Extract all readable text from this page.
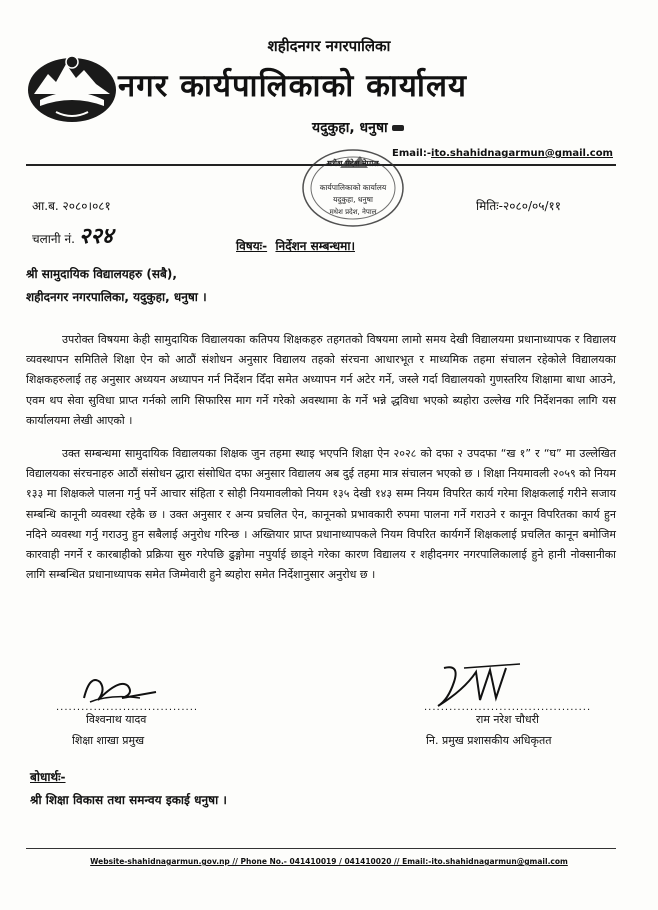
शहीदनगर नगरपालिका
नगर कार्यपालिकाको कार्यालय
यदुकुहा, धनुषा
Email:-ito.shahidnagarmun@gmail.com
मधेश प्रदेश नेपाल
कार्यपालिकाको कार्यालय
यदुकुहा, धनुषा
मधेश प्रदेश, नेपाल
आ.ब. २०८०।०८१
चलानी नं. २२४
मितिः-२०८०/०५/११
विषयः- निर्देशन सम्बन्धमा।
श्री सामुदायिक विद्यालयहरु (सबै),
शहीदनगर नगरपालिका, यदुकुहा, धनुषा ।
उपरोक्त विषयमा केही सामुदायिक विद्यालयका कतिपय शिक्षकहरु तहगतको विषयमा लामो समय देखी विद्यालयमा प्रधानाध्यापक र विद्यालय व्यवस्थापन समितिले शिक्षा ऐन को आठौं संशोधन अनुसार विद्यालय तहको संरचना आधारभूत र माध्यमिक तहमा संचालन रहेकोले विद्यालयका शिक्षकहरुलाई तह अनुसार अध्ययन अध्यापन गर्न निर्देशन दिँदा समेत अध्यापन गर्न अटेर गर्ने, जस्ले गर्दा विद्यालयको गुणस्तरिय शिक्षामा बाधा आउने, एवम थप सेवा सुविधा प्राप्त गर्नको लागि सिफारिस माग गर्ने गरेको अवस्थामा के गर्ने भन्ने द्धविधा भएको ब्यहोरा उल्लेख गरि निर्देशनका लागि यस कार्यालयमा लेखी आएको ।
उक्त सम्बन्धमा सामुदायिक विद्यालयका शिक्षक जुन तहमा स्थाइ भएपनि शिक्षा ऐन २०२८ को दफा २ उपदफा “ख १” र “घ” मा उल्लेखित विद्यालयका संरचनाहरु आठौं संसोधन द्धारा संसोधित दफा अनुसार विद्यालय अब दुई तहमा मात्र संचालन भएको छ । शिक्षा नियमावली २०५९ को नियम १३३ मा शिक्षकले पालना गर्नु पर्ने आचार संहिता र सोही नियमावलीको नियम १३५ देखी १४३ सम्म नियम विपरित कार्य गरेमा शिक्षकलाई गरीने सजाय सम्बन्धि कानूनी व्यवस्था रहेकै छ । उक्त अनुसार र अन्य प्रचलित ऐन, कानूनको प्रभावकारी रुपमा पालना गर्ने गराउने र कानून विपरितका कार्य हुन नदिने व्यवस्था गर्नु गराउनु हुन सबैलाई अनुरोध गरिन्छ । अख्तियार प्राप्त प्रधानाध्यापकले नियम विपरित कार्यगर्ने शिक्षकलाई प्रचलित कानून बमोजिम कारवाही नगर्ने र कारबाहीको प्रक्रिया सुरु गरेपछि ढुङ्गोमा नपुर्याई छाड्ने गरेका कारण विद्यालय र शहीदनगर नगरपालिकालाई हुने हानी नोक्सानीका लागि सम्बन्धित प्रधानाध्यापक समेत जिम्मेवारी हुने ब्यहोरा समेत निर्देशानुसार अनुरोध छ ।
..................................	........................................
विश्वनाथ यादव
शिक्षा शाखा प्रमुख
राम नरेश चौधरी
नि. प्रमुख प्रशासकीय अधिकृतत
बोधार्थः-
श्री शिक्षा विकास तथा समन्वय इकाई धनुषा ।
Website-shahidnagarmun.gov.np // Phone No.- 041410019 / 041410020 // Email:-ito.shahidnagarmun@gmail.com
